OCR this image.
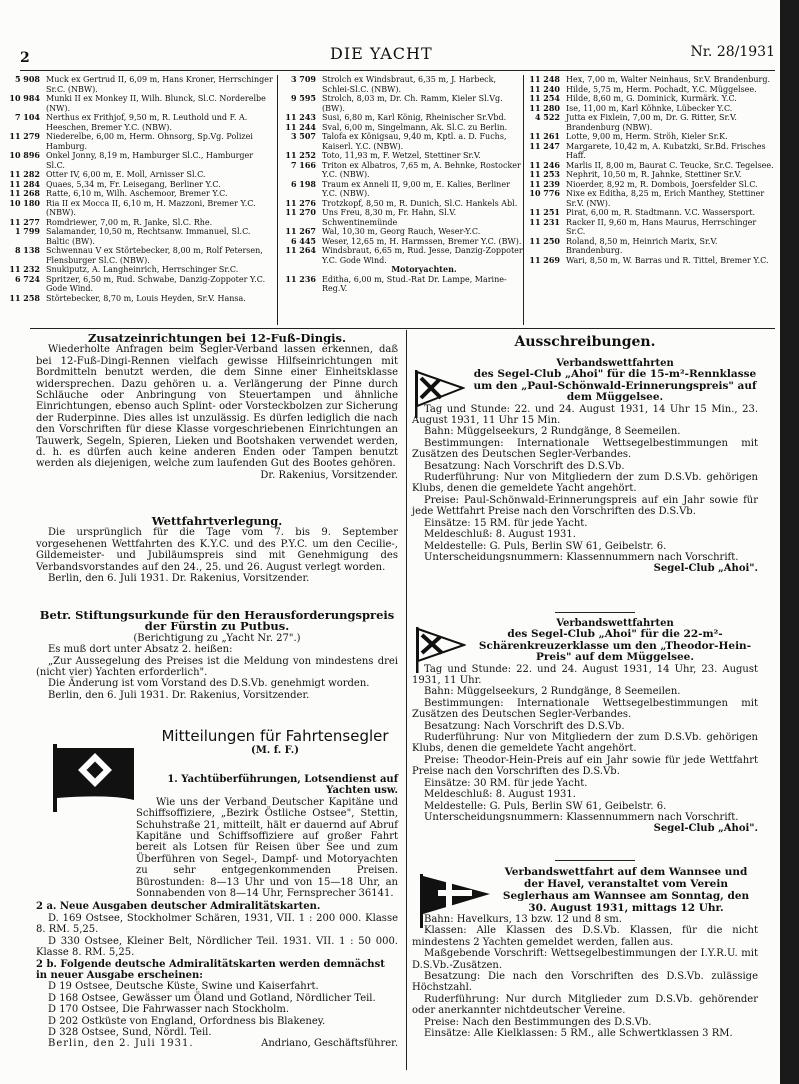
2	DIE YACHT	Nr. 28/1931
5 908 Muck ex Gertrud II, 6,09 m, Hans Kroner, Herrschinger Sr.C. (NBW).
10 984 Munki II ex Monkey II, Wilh. Blunck, Sl.C. Norderelbe (NW).
7 104 Nerthus ex Frithjof, 9,50 m, R. Leuthold und F. A. Heeschen, Bremer Y.C. (NBW).
11 279 Niederelbe, 6,00 m, Herm. Ohnsorg, Sp.Vg. Polizei Hamburg.
10 896 Onkel Jonny, 8,19 m, Hamburger Sl.C., Hamburger Sl.C.
11 282 Otter IV, 6,00 m, E. Moll, Arnisser Sl.C.
11 284 Quaes, 5,34 m, Fr. Leisegang, Berliner Y.C.
11 268 Ratte, 6,10 m, Wilh. Aschemoor, Bremer Y.C.
10 180 Ria II ex Mocca II, 6,10 m, H. Mazzoni, Bremer Y.C. (NBW).
11 277 Romdriewer, 7,00 m, R. Janke, Sl.C. Rhe.
1 799 Salamander, 10,50 m, Rechtsanw. Immanuel, Sl.C. Baltic (BW).
8 138 Schwennau V ex Störtebecker, 8,00 m, Rolf Petersen, Flensburger Sl.C. (NBW).
11 232 Snukiputz, A. Langheinrich, Herrschinger Sr.C.
6 724 Spritzer, 6,50 m, Rud. Schwabe, Danzig-Zoppoter Y.C. Gode Wind.
11 258 Störtebecker, 8,70 m, Louis Heyden, Sr.V. Hansa.
3 709 Strolch ex Windsbraut, 6,35 m, J. Harbeck, Schlei-Sl.C. (NBW).
9 595 Strolch, 8,03 m, Dr. Ch. Ramm, Kieler Sl.Vg. (BW).
11 243 Susi, 6,80 m, Karl König, Rheinischer Sr.Vbd.
11 244 Sval, 6,00 m, Singelmann, Ak. Sl.C. zu Berlin.
3 507 Talofa ex Königsau, 9,40 m, Kptl. a. D. Fuchs, Kaiserl. Y.C. (NBW).
11 252 Toto, 11,93 m, F. Wetzel, Stettiner Sr.V.
7 166 Triton ex Albatros, 7,65 m, A. Behnke, Rostocker Y.C. (NBW).
6 198 Traum ex Anneli II, 9,00 m, E. Kalies, Berliner Y.C. (NBW).
11 276 Trotzkopf, 8,50 m, R. Dunich, Sl.C. Hankels Abl.
11 270 Uns Freu, 8,30 m, Fr. Hahn, Sl.V. Schwentinemünde
11 267 Wal, 10,30 m, Georg Rauch, Weser-Y.C.
6 445 Weser, 12,65 m, H. Harmssen, Bremer Y.C. (BW).
11 264 Windsbraut, 6,65 m, Rud. Jesse, Danzig-Zoppoter Y.C. Gode Wind.
Motoryachten.
11 236 Editha, 6,00 m, Stud.-Rat Dr. Lampe, Marine-Reg.V.
11 248 Hex, 7,00 m, Walter Neinhaus, Sr.V. Brandenburg.
11 240 Hilde, 5,75 m, Herm. Pochadt, Y.C. Müggelsee.
11 254 Hilde, 8,60 m, G. Dominick, Kurmärk. Y.C.
11 280 Ise, 11,00 m, Karl Köhnke, Lübecker Y.C.
4 522 Jutta ex Fixlein, 7,00 m, Dr. G. Ritter, Sr.V. Brandenburg (NBW).
11 261 Lotte, 9,00 m, Herm. Ströh, Kieler Sr.K.
11 247 Margarete, 10,42 m, A. Kubatzki, Sr.Bd. Frisches Haff.
11 246 Marlis II, 8,00 m, Baurat C. Teucke, Sr.C. Tegelsee.
11 253 Nephrit, 10,50 m, R. Jahnke, Stettiner Sr.V.
11 239 Nioerder, 8,92 m, R. Dombois, Joersfelder Sl.C.
10 776 Nixe ex Editha, 8,25 m, Erich Manthey, Stettiner Sr.V. (NW).
11 251 Pirat, 6,00 m, R. Stadtmann. V.C. Wassersport.
11 231 Racker II, 9,60 m, Hans Maurus, Herrschinger Sr.C.
11 250 Roland, 8,50 m, Heinrich Marix, Sr.V. Brandenburg.
11 269 Wari, 8,50 m, W. Barras und R. Tittel, Bremer Y.C.
Zusatzeinrichtungen bei 12-Fuß-Dingis.

Wiederholte Anfragen beim Segler-Verband lassen erkennen, daß bei 12-Fuß-Dingi-Rennen vielfach gewisse Hilfseinrichtungen mit Bordmitteln benutzt werden, die dem Sinne einer Einheitsklasse widersprechen. Dazu gehören u. a. Verlängerung der Pinne durch Schläuche oder Anbringung von Steuertampen und ähnliche Einrichtungen, ebenso auch Splint- oder Vorsteckbolzen zur Sicherung der Ruderpinne. Dies alles ist unzulässig. Es dürfen lediglich die nach den Vorschriften für diese Klasse vorgeschriebenen Einrichtungen an Tauwerk, Segeln, Spieren, Lieken und Bootshaken verwendet werden, d. h. es dürfen auch keine anderen Enden oder Tampen benutzt werden als diejenigen, welche zum laufenden Gut des Bootes gehören.

Dr. Rakenius, Vorsitzender.
Wettfahrtverlegung.

Die ursprünglich für die Tage vom 7. bis 9. September vorgesehenen Wettfahrten des K.Y.C. und des P.Y.C. um den Cecilie-, Gildemeister- und Jubiläumspreis sind mit Genehmigung des Verbandsvorstandes auf den 24., 25. und 26. August verlegt worden.

Berlin, den 6. Juli 1931. Dr. Rakenius, Vorsitzender.
Betr. Stiftungsurkunde für den Herausforderungspreis der Fürstin zu Putbus.
(Berichtigung zu „Yacht Nr. 27".)

Es muß dort unter Absatz 2. heißen:

„Zur Aussegelung des Preises ist die Meldung von mindestens drei (nicht vier) Yachten erforderlich".

Die Änderung ist vom Vorstand des D.S.Vb. genehmigt worden.

Berlin, den 6. Juli 1931. Dr. Rakenius, Vorsitzender.
Mitteilungen für Fahrtensegler
(M. f. F.)
1. Yachtüberführungen, Lotsendienst auf Yachten usw.

Wie uns der Verband Deutscher Kapitäne und Schiffsoffiziere, „Bezirk Östliche Ostsee", Stettin, Schuhstraße 21, mitteilt, hält er dauernd auf Abruf Kapitäne und Schiffsoffiziere auf großer Fahrt bereit als Lotsen für Reisen über See und zum Überführen von Segel-, Dampf- und Motoryachten zu sehr entgegenkommenden Preisen. Bürostunden: 8—13 Uhr und von 15—18 Uhr, an Sonnabenden von 8—14 Uhr, Fernsprecher 36141.

2 a. Neue Ausgaben deutscher Admiralitätskarten.

D. 169 Ostsee, Stockholmer Schären, 1931, VII. 1 : 200 000. Klasse 8. RM. 5,25.

D 330 Ostsee, Kleiner Belt, Nördlicher Teil. 1931. VII. 1 : 50 000. Klasse 8. RM. 5,25.

2 b. Folgende deutsche Admiralitätskarten werden demnächst in neuer Ausgabe erscheinen:

D 19 Ostsee, Deutsche Küste, Swine und Kaiserfahrt.

D 168 Ostsee, Gewässer um Öland und Gotland, Nördlicher Teil.

D 170 Ostsee, Die Fahrwasser nach Stockholm.

D 202 Ostküste von England, Orfordness bis Blakeney.

D 328 Ostsee, Sund, Nördl. Teil.

Berlin, den 2. Juli 1931.	Andriano, Geschäftsführer.
Ausschreibungen.
Verbandswettfahrten
des Segel-Club „Ahoi" für die 15-m²-Rennklasse um den „Paul-Schönwald-Erinnerungspreis" auf dem Müggelsee.

Tag und Stunde: 22. und 24. August 1931, 14 Uhr 15 Min., 23. August 1931, 11 Uhr 15 Min.

Bahn: Müggelseekurs, 2 Rundgänge, 8 Seemeilen.

Bestimmungen: Internationale Wettsegelbestimmungen mit Zusätzen des Deutschen Segler-Verbandes.

Besatzung: Nach Vorschrift des D.S.Vb.

Ruderführung: Nur von Mitgliedern der zum D.S.Vb. gehörigen Klubs, denen die gemeldete Yacht angehört.

Preise: Paul-Schönwald-Erinnerungspreis auf ein Jahr sowie für jede Wettfahrt Preise nach den Vorschriften des D.S.Vb.

Einsätze: 15 RM. für jede Yacht.

Meldeschluß: 8. August 1931.

Meldestelle: G. Puls, Berlin SW 61, Geibelstr. 6.

Unterscheidungsnummern: Klassennummern nach Vorschrift.

Segel-Club „Ahoi".
Verbandswettfahrten
des Segel-Club „Ahoi" für die 22-m²-Schärenkreuzerklasse um den „Theodor-Hein-Preis" auf dem Müggelsee.

Tag und Stunde: 22. und 24. August 1931, 14 Uhr, 23. August 1931, 11 Uhr.

Bahn: Müggelseekurs, 2 Rundgänge, 8 Seemeilen.

Bestimmungen: Internationale Wettsegelbestimmungen mit Zusätzen des Deutschen Segler-Verbandes.

Besatzung: Nach Vorschrift des D.S.Vb.

Ruderführung: Nur von Mitgliedern der zum D.S.Vb. gehörigen Klubs, denen die gemeldete Yacht angehört.

Preise: Theodor-Hein-Preis auf ein Jahr sowie für jede Wettfahrt Preise nach den Vorschriften des D.S.Vb.

Einsätze: 30 RM. für jede Yacht.

Meldeschluß: 8. August 1931.

Meldestelle: G. Puls, Berlin SW 61, Geibelstr. 6.

Unterscheidungsnummern: Klassennummern nach Vorschrift.

Segel-Club „Ahoi".
Verbandswettfahrt auf dem Wannsee und der Havel, veranstaltet vom Verein Seglerhaus am Wannsee am Sonntag, den 30. August 1931, mittags 12 Uhr.

Bahn: Havelkurs, 13 bzw. 12 und 8 sm.

Klassen: Alle Klassen des D.S.Vb. Klassen, für die nicht mindestens 2 Yachten gemeldet werden, fallen aus.

Maßgebende Vorschrift: Wettsegelbestimmungen der I.Y.R.U. mit D.S.Vb.-Zusätzen.

Besatzung: Die nach den Vorschriften des D.S.Vb. zulässige Höchstzahl.

Ruderführung: Nur durch Mitglieder zum D.S.Vb. gehörender oder anerkannter nichtdeutscher Vereine.

Preise: Nach den Bestimmungen des D.S.Vb.

Einsätze: Alle Kielklassen: 5 RM., alle Schwertklassen 3 RM.
